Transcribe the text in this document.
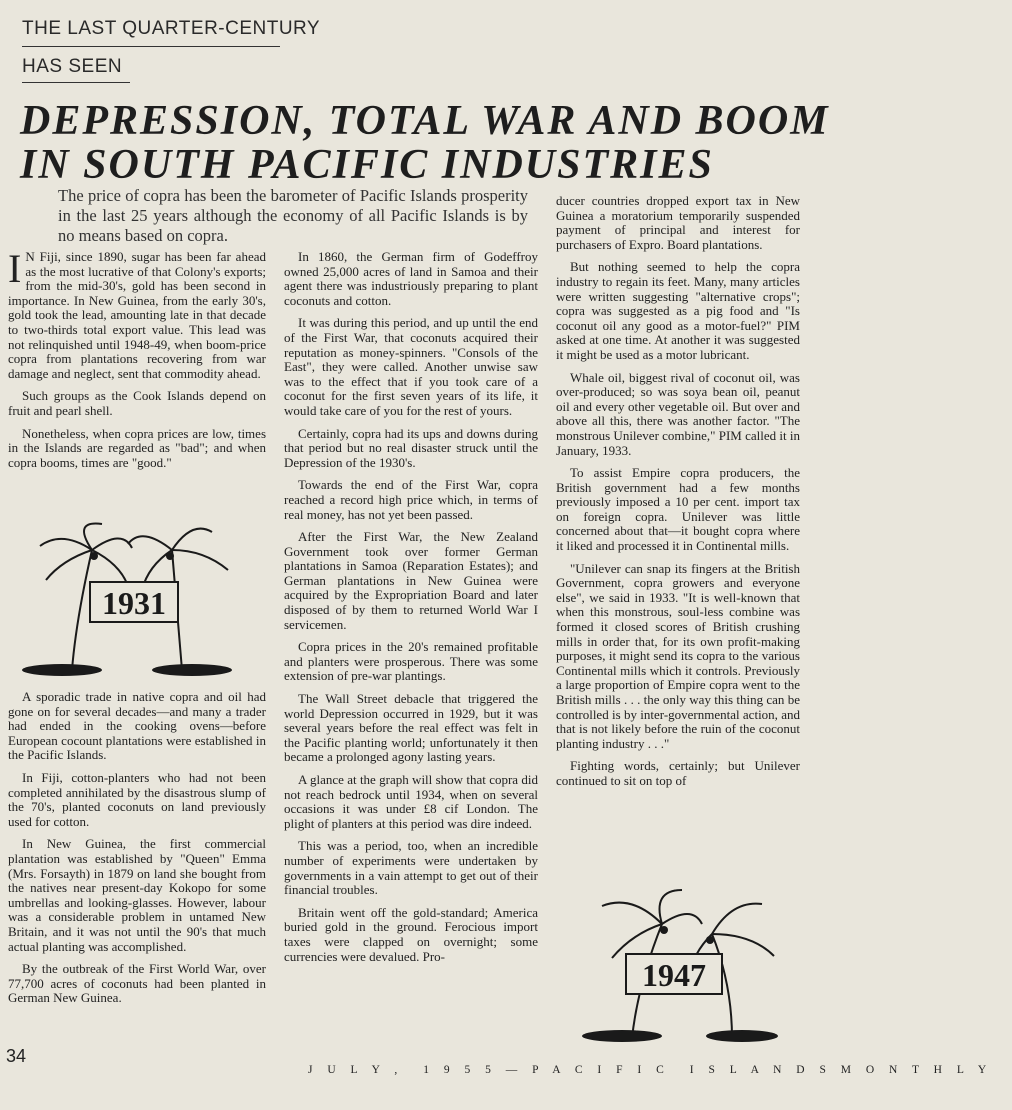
THE LAST QUARTER-CENTURY
HAS SEEN
DEPRESSION, TOTAL WAR AND BOOM
IN SOUTH PACIFIC INDUSTRIES
The price of copra has been the barometer of Pacific Islands prosperity in the last 25 years although the economy of all Pacific Islands is by no means based on copra.

I N Fiji, since 1890, sugar has been far ahead as the most lucrative of that Colony's exports; from the mid-30's, gold has been second in importance. In New Guinea, from the early 30's, gold took the lead, amounting late in that decade to two-thirds total export value. This lead was not relinquished until 1948-49, when boom-price copra from plantations recovering from war damage and neglect, sent that commodity ahead.

Such groups as the Cook Islands depend on fruit and pearl shell.

Nonetheless, when copra prices are low, times in the Islands are regarded as "bad"; and when copra booms, times are "good."

1931

A sporadic trade in native copra and oil had gone on for several decades—and many a trader had ended in the cooking ovens—before European cocount plantations were established in the Pacific Islands.

In Fiji, cotton-planters who had not been completed annihilated by the disastrous slump of the 70's, planted coconuts on land previously used for cotton.

In New Guinea, the first commercial plantation was established by "Queen" Emma (Mrs. Forsayth) in 1879 on land she bought from the natives near present-day Kokopo for some umbrellas and looking-glasses. However, labour was a considerable problem in untamed New Britain, and it was not until the 90's that much actual planting was accomplished.

By the outbreak of the First World War, over 77,700 acres of coconuts had been planted in German New Guinea.

In 1860, the German firm of Godeffroy owned 25,000 acres of land in Samoa and their agent there was industriously preparing to plant coconuts and cotton.

It was during this period, and up until the end of the First War, that coconuts acquired their reputation as money-spinners. "Consols of the East", they were called. Another unwise saw was to the effect that if you took care of a coconut for the first seven years of its life, it would take care of you for the rest of yours.

Certainly, copra had its ups and downs during that period but no real disaster struck until the Depression of the 1930's.

Towards the end of the First War, copra reached a record high price which, in terms of real money, has not yet been passed.

After the First War, the New Zealand Government took over former German plantations in Samoa (Reparation Estates); and German plantations in New Guinea were acquired by the Expropriation Board and later disposed of by them to returned World War I servicemen.

Copra prices in the 20's remained profitable and planters were prosperous. There was some extension of pre-war plantings.

The Wall Street debacle that triggered the world Depression occurred in 1929, but it was several years before the real effect was felt in the Pacific planting world; unfortunately it then became a prolonged agony lasting years.

A glance at the graph will show that copra did not reach bedrock until 1934, when on several occasions it was under £8 cif London. The plight of planters at this period was dire indeed.

This was a period, too, when an incredible number of experiments were undertaken by governments in a vain attempt to get out of their financial troubles.

Britain went off the gold-standard; America buried gold in the ground. Ferocious import taxes were clapped on overnight; some currencies were devalued. Pro-

ducer countries dropped export tax in New Guinea a moratorium temporarily suspended payment of principal and interest for purchasers of Expro. Board plantations.

But nothing seemed to help the copra industry to regain its feet. Many, many articles were written suggesting "alternative crops"; copra was suggested as a pig food and "Is coconut oil any good as a motor-fuel?" PIM asked at one time. At another it was suggested it might be used as a motor lubricant.

Whale oil, biggest rival of coconut oil, was over-produced; so was soya bean oil, peanut oil and every other vegetable oil. But over and above all this, there was another factor. "The monstrous Unilever combine," PIM called it in January, 1933.

To assist Empire copra producers, the British government had a few months previously imposed a 10 per cent. import tax on foreign copra. Unilever was little concerned about that—it bought copra where it liked and processed it in Continental mills.

"Unilever can snap its fingers at the British Government, copra growers and everyone else", we said in 1933. "It is well-known that when this monstrous, soul-less combine was formed it closed scores of British crushing mills in order that, for its own profit-making purposes, it might send its copra to the various Continental mills which it controls. Previously a large proportion of Empire copra went to the British mills . . . the only way this thing can be controlled is by inter-governmental action, and that is not likely before the ruin of the coconut planting industry . . ."

Fighting words, certainly; but Unilever continued to sit on top of

1947
34
J U L Y , 1 9 5 5 — P A C I F I C I S L A N D S M O N T H L Y
